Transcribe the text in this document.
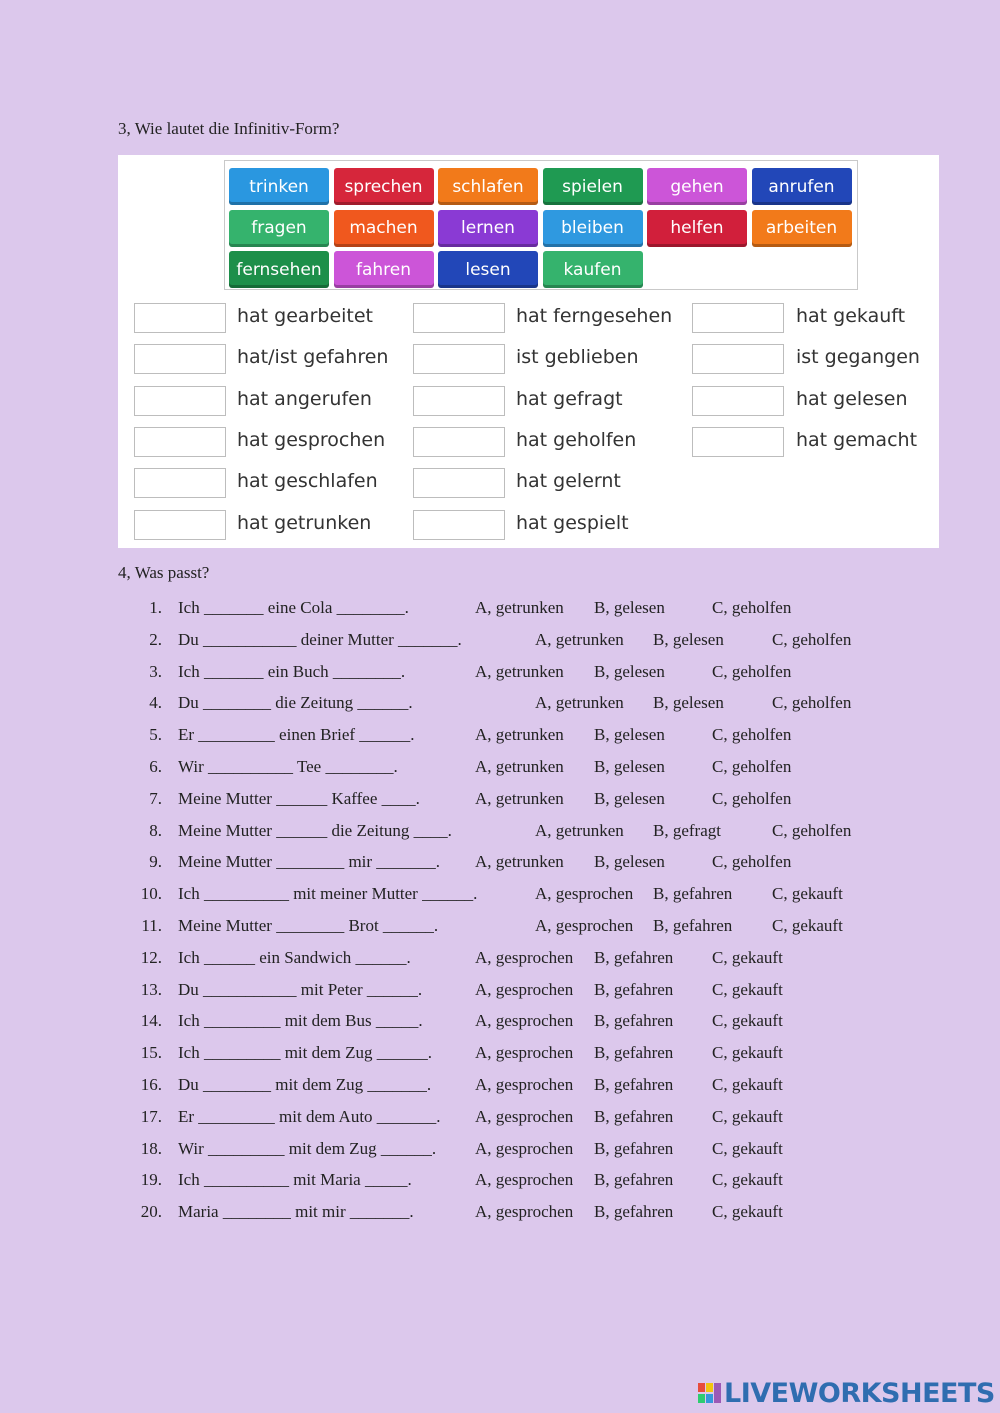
3, Wie lautet die Infinitiv-Form?
trinken	sprechen	schlafen	spielen	gehen	anrufen
fragen	machen	lernen	bleiben	helfen	arbeiten
fernsehen	fahren	lesen	kaufen
hat gearbeitet	hat ferngesehen	hat gekauft
hat/ist gefahren	ist geblieben	ist gegangen
hat angerufen	hat gefragt	hat gelesen
hat gesprochen	hat geholfen	hat gemacht
hat geschlafen	hat gelernt
hat getrunken	hat gespielt
4, Was passt?
1. Ich _______ eine Cola ________.	A, getrunken B, gelesen	C, geholfen
2. Du ___________ deiner Mutter _______.	A, getrunken B, gelesen	C, geholfen
3. Ich _______ ein Buch ________.	A, getrunken B, gelesen	C, geholfen
4. Du ________ die Zeitung ______.	A, getrunken B, gelesen	C, geholfen
5. Er _________ einen Brief ______.	A, getrunken B, gelesen	C, geholfen
6. Wir __________ Tee ________.	A, getrunken B, gelesen	C, geholfen
7. Meine Mutter ______ Kaffee ____.	A, getrunken B, gelesen	C, geholfen
8. Meine Mutter ______ die Zeitung ____.	A, getrunken B, gefragt	C, geholfen
9. Meine Mutter ________ mir _______. A, getrunken B, gelesen	C, geholfen
10. Ich __________ mit meiner Mutter ______.	A, gesprochen B, gefahren C, gekauft
11. Meine Mutter ________ Brot ______.	A, gesprochen B, gefahren C, gekauft
12. Ich ______ ein Sandwich ______.	A, gesprochen B, gefahren C, gekauft
13. Du ___________ mit Peter ______.	A, gesprochen B, gefahren C, gekauft
14. Ich _________ mit dem Bus _____.	A, gesprochen B, gefahren C, gekauft
15. Ich _________ mit dem Zug ______.	A, gesprochen B, gefahren C, gekauft
16. Du ________ mit dem Zug _______.	A, gesprochen B, gefahren C, gekauft
17. Er _________ mit dem Auto _______. A, gesprochen B, gefahren C, gekauft
18. Wir _________ mit dem Zug ______. A, gesprochen B, gefahren C, gekauft
19. Ich __________ mit Maria _____.	A, gesprochen B, gefahren C, gekauft
20. Maria ________ mit mir _______.	A, gesprochen B, gefahren C, gekauft
LIVEWORKSHEETS
